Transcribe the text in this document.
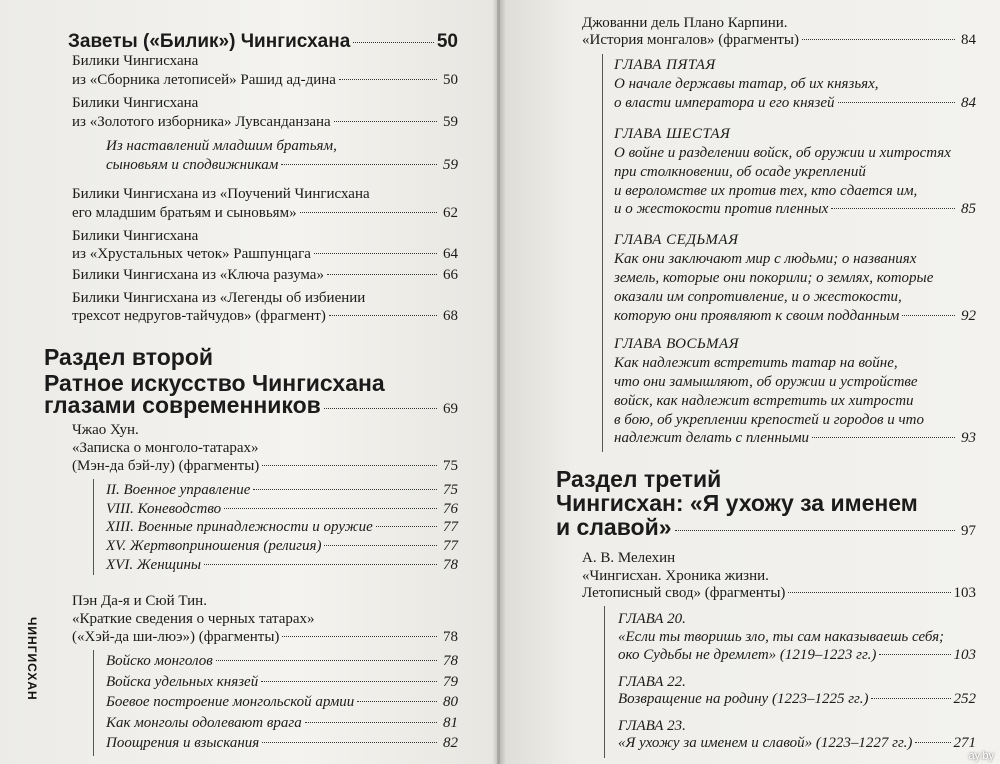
ЧИНГИСХАН
Заветы («Билик») Чингисхана	50
Билики Чингисхана
из «Сборника летописей» Рашид ад-дина	50
Билики Чингисхана
из «Золотого изборника» Лувсанданзана	59
Из наставлений младшим братьям,
сыновьям и сподвижникам	59
Билики Чингисхана из «Поучений Чингисхана
его младшим братьям и сыновьям»	62
Билики Чингисхана
из «Хрустальных четок» Рашпунцага	64
Билики Чингисхана из «Ключа разума»	66
Билики Чингисхана из «Легенды об избиении
трехсот недругов-тайчудов» (фрагмент)	68
Раздел второй
Ратное искусство Чингисхана
глазами современников	69
Чжао Хун.
«Записка о монголо-татарах»
(Мэн-да бэй-лу) (фрагменты)	75
II. Военное управление	75
VIII. Коневодство	76
XIII. Военные принадлежности и оружие	77
XV. Жертвоприношения (религия)	77
XVI. Женщины	78
Пэн Да-я и Сюй Тин.
«Краткие сведения о черных татарах»
(«Хэй-да ши-люэ») (фрагменты)	78
Войско монголов	78
Войска удельных князей	79
Боевое построение монгольской армии	80
Как монголы одолевают врага	81
Поощрения и взыскания	82
Джованни дель Плано Карпини.
«История монгалов» (фрагменты)	84
ГЛАВА ПЯТАЯ
О начале державы татар, об их князьях,
о власти императора и его князей	84
ГЛАВА ШЕСТАЯ
О войне и разделении войск, об оружии и хитростях
при столкновении, об осаде укреплений
и вероломстве их против тех, кто сдается им,
и о жестокости против пленных	85
ГЛАВА СЕДЬМАЯ
Как они заключают мир с людьми; о названиях
земель, которые они покорили; о землях, которые
оказали им сопротивление, и о жестокости,
которую они проявляют к своим подданным	92
ГЛАВА ВОСЬМАЯ
Как надлежит встретить татар на войне,
что они замышляют, об оружии и устройстве
войск, как надлежит встретить их хитрости
в бою, об укреплении крепостей и городов и что
надлежит делать с пленными	93
Раздел третий
Чингисхан: «Я ухожу за именем
и славой»	97
А. В. Мелехин
«Чингисхан. Хроника жизни.
Летописный свод» (фрагменты)	103
ГЛАВА 20.
«Если ты творишь зло, ты сам наказываешь себя;
око Судьбы не дремлет» (1219–1223 гг.)	103
ГЛАВА 22.
Возвращение на родину (1223–1225 гг.)	252
ГЛАВА 23.
«Я ухожу за именем и славой» (1223–1227 гг.)	271
ay.by
